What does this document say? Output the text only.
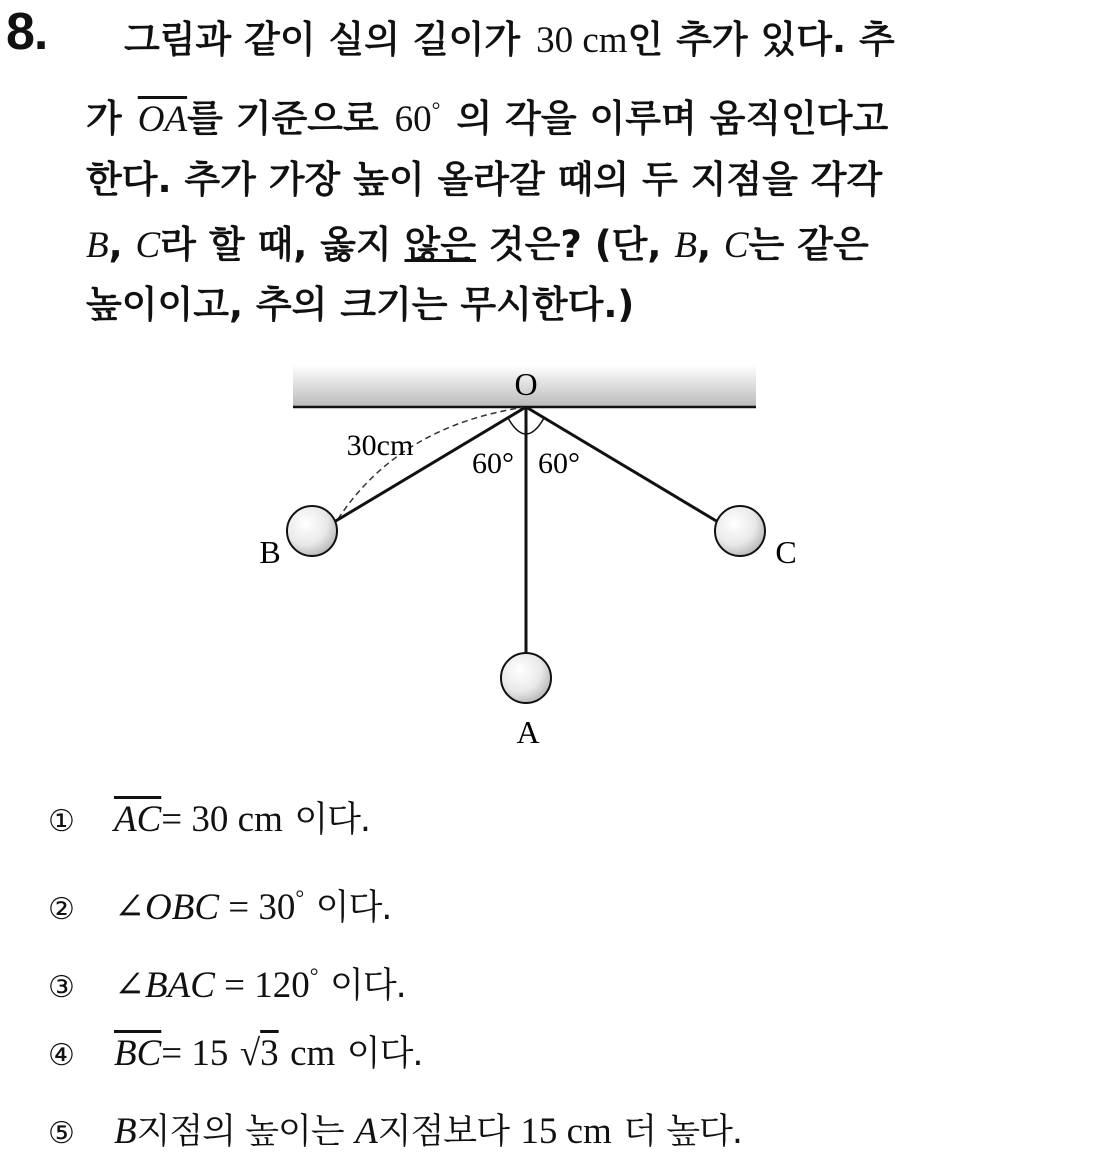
8. 그림과 같이 실의 길이가 30 cm인 추가 있다. 추
가 $\overline{OA}$를 기준으로 60° 의 각을 이루며 움직인다고
한다. 추가 가장 높이 올라갈 때의 두 지점을 각각
B, C라 할 때, 옳지 않은 것은? (단, B, C는 같은
높이이고, 추의 크기는 무시한다.)
O
30cm
60° 60°
B	C
A
① $\overline{AC}= 30$ cm 이다.
② ∠OBC = 30° 이다.
③ ∠BAC = 120° 이다.
④ $\overline{BC}= 15$ √3 cm 이다.
⑤ B지점의 높이는 A지점보다 15 cm 더 높다.
